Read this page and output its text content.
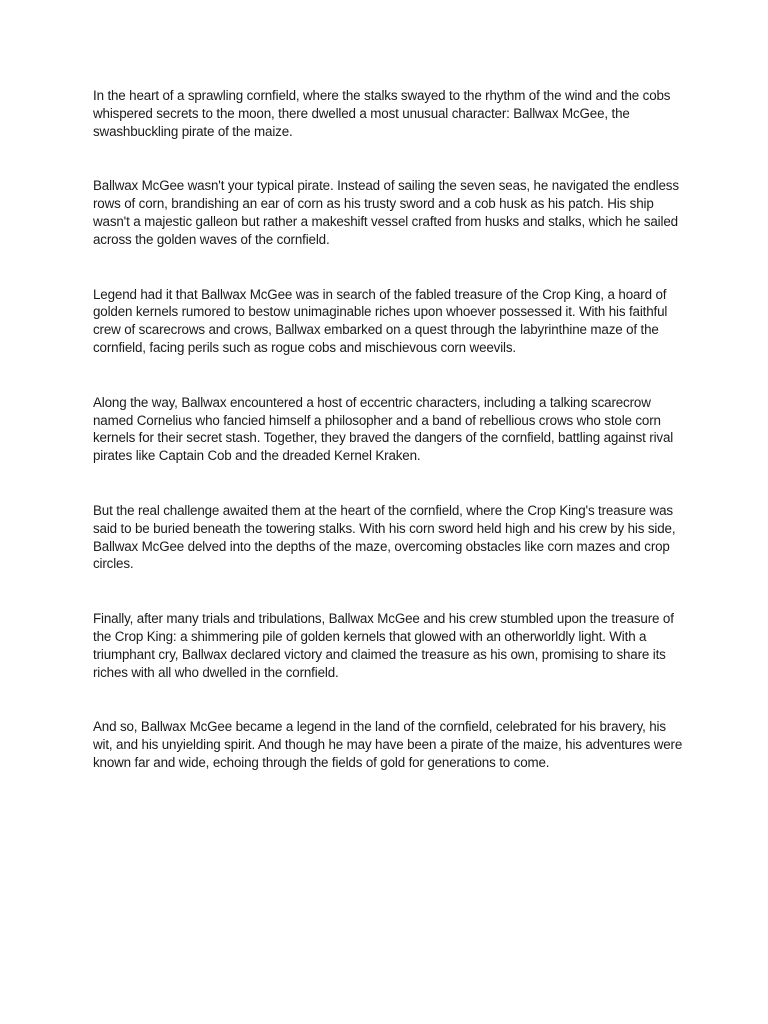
In the heart of a sprawling cornfield, where the stalks swayed to the rhythm of the wind and the cobs whispered secrets to the moon, there dwelled a most unusual character: Ballwax McGee, the swashbuckling pirate of the maize.

Ballwax McGee wasn't your typical pirate. Instead of sailing the seven seas, he navigated the endless rows of corn, brandishing an ear of corn as his trusty sword and a cob husk as his patch. His ship wasn't a majestic galleon but rather a makeshift vessel crafted from husks and stalks, which he sailed across the golden waves of the cornfield.

Legend had it that Ballwax McGee was in search of the fabled treasure of the Crop King, a hoard of golden kernels rumored to bestow unimaginable riches upon whoever possessed it. With his faithful crew of scarecrows and crows, Ballwax embarked on a quest through the labyrinthine maze of the cornfield, facing perils such as rogue cobs and mischievous corn weevils.

Along the way, Ballwax encountered a host of eccentric characters, including a talking scarecrow named Cornelius who fancied himself a philosopher and a band of rebellious crows who stole corn kernels for their secret stash. Together, they braved the dangers of the cornfield, battling against rival pirates like Captain Cob and the dreaded Kernel Kraken.

But the real challenge awaited them at the heart of the cornfield, where the Crop King's treasure was said to be buried beneath the towering stalks. With his corn sword held high and his crew by his side, Ballwax McGee delved into the depths of the maze, overcoming obstacles like corn mazes and crop circles.

Finally, after many trials and tribulations, Ballwax McGee and his crew stumbled upon the treasure of the Crop King: a shimmering pile of golden kernels that glowed with an otherworldly light. With a triumphant cry, Ballwax declared victory and claimed the treasure as his own, promising to share its riches with all who dwelled in the cornfield.

And so, Ballwax McGee became a legend in the land of the cornfield, celebrated for his bravery, his wit, and his unyielding spirit. And though he may have been a pirate of the maize, his adventures were known far and wide, echoing through the fields of gold for generations to come.
